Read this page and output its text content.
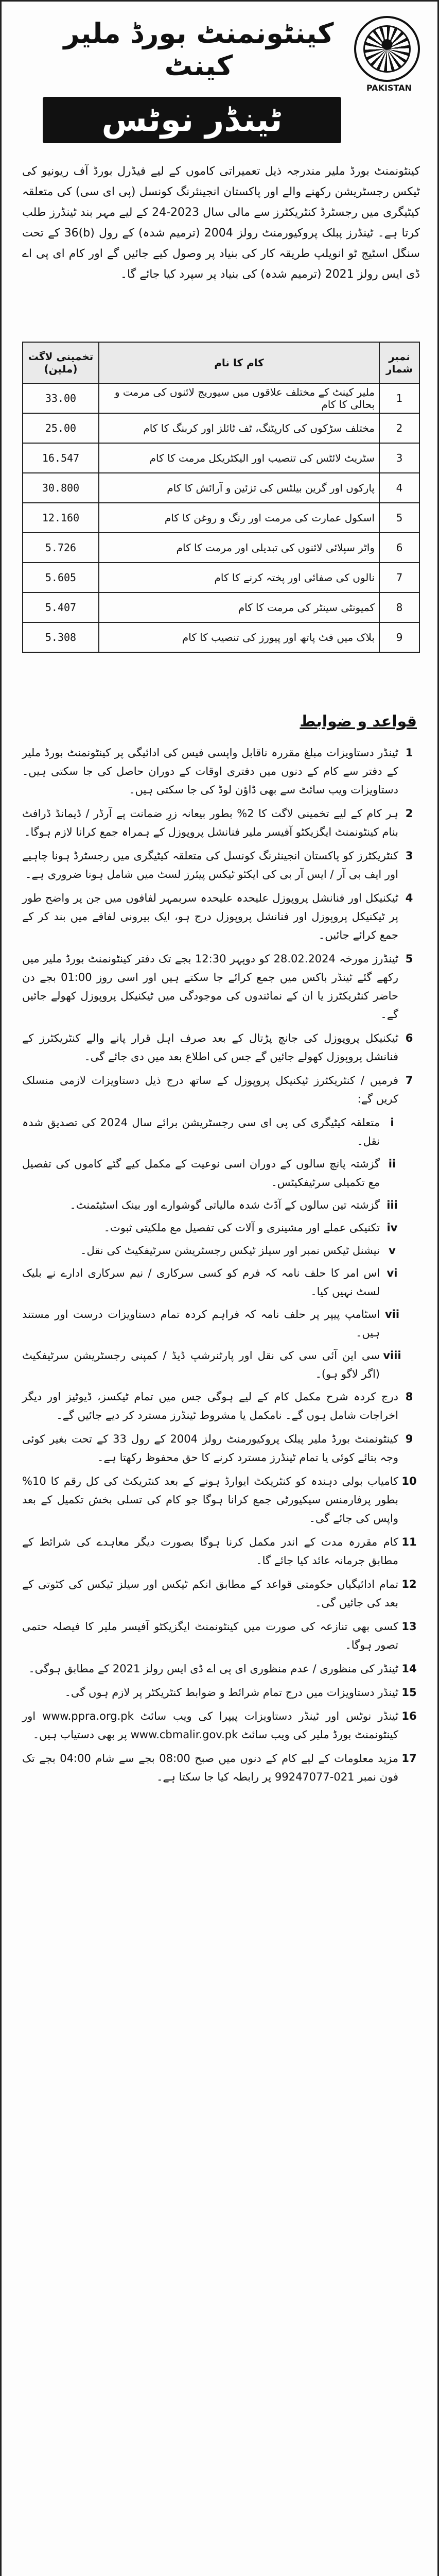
PAKISTAN
کینٹونمنٹ بورڈ ملیر کینٹ
ٹینڈر نوٹس
کینٹونمنٹ بورڈ ملیر مندرجہ ذیل تعمیراتی کاموں کے لیے فیڈرل بورڈ آف ریونیو کی ٹیکس رجسٹریشن رکھنے والے اور پاکستان انجینئرنگ کونسل (پی ای سی) کی متعلقہ کیٹیگری میں رجسٹرڈ کنٹریکٹرز سے مالی سال 2023-24 کے لیے مہر بند ٹینڈرز طلب کرتا ہے۔ ٹینڈرز پبلک پروکیورمنٹ رولز 2004 (ترمیم شدہ) کے رول (b)36 کے تحت سنگل اسٹیج ٹو انویلپ طریقہ کار کی بنیاد پر وصول کیے جائیں گے اور کام ای پی اے ڈی ایس رولز 2021 (ترمیم شدہ) کی بنیاد پر سپرد کیا جائے گا۔
نمبر شمار	کام کا نام	تخمینی لاگت (ملین)
1	ملیر کینٹ کے مختلف علاقوں میں سیوریج لائنوں کی مرمت و بحالی کا کام	33.00
2	مختلف سڑکوں کی کارپٹنگ، ٹف ٹائلز اور کربنگ کا کام	25.00
3	سٹریٹ لائٹس کی تنصیب اور الیکٹریکل مرمت کا کام	16.547
4	پارکوں اور گرین بیلٹس کی تزئین و آرائش کا کام	30.800
5	اسکول عمارت کی مرمت اور رنگ و روغن کا کام	12.160
6	واٹر سپلائی لائنوں کی تبدیلی اور مرمت کا کام	5.726
7	نالوں کی صفائی اور پختہ کرنے کا کام	5.605
8	کمیونٹی سینٹر کی مرمت کا کام	5.407
9	بلاک میں فٹ پاتھ اور پیورز کی تنصیب کا کام	5.308
قواعد و ضوابط
1
ٹینڈر دستاویزات مبلغ مقررہ ناقابل واپسی فیس کی ادائیگی پر کینٹونمنٹ بورڈ ملیر کے دفتر سے کام کے دنوں میں دفتری اوقات کے دوران حاصل کی جا سکتی ہیں۔ دستاویزات ویب سائٹ سے بھی ڈاؤن لوڈ کی جا سکتی ہیں۔
2
ہر کام کے لیے تخمینی لاگت کا 2% بطور بیعانہ زرِ ضمانت پے آرڈر / ڈیمانڈ ڈرافٹ بنام کینٹونمنٹ ایگزیکٹو آفیسر ملیر فنانشل پروپوزل کے ہمراہ جمع کرانا لازم ہوگا۔
3
کنٹریکٹرز کو پاکستان انجینئرنگ کونسل کی متعلقہ کیٹیگری میں رجسٹرڈ ہونا چاہیے اور ایف بی آر / ایس آر بی کی ایکٹو ٹیکس پیئرز لسٹ میں شامل ہونا ضروری ہے۔
4
ٹیکنیکل اور فنانشل پروپوزل علیحدہ علیحدہ سربمہر لفافوں میں جن پر واضح طور پر ٹیکنیکل پروپوزل اور فنانشل پروپوزل درج ہو، ایک بیرونی لفافے میں بند کر کے جمع کرائے جائیں۔
5
ٹینڈرز مورخہ 28.02.2024 کو دوپہر 12:30 بجے تک دفتر کینٹونمنٹ بورڈ ملیر میں رکھے گئے ٹینڈر باکس میں جمع کرائے جا سکتے ہیں اور اسی روز 01:00 بجے دن حاضر کنٹریکٹرز یا ان کے نمائندوں کی موجودگی میں ٹیکنیکل پروپوزل کھولے جائیں گے۔
6
ٹیکنیکل پروپوزل کی جانچ پڑتال کے بعد صرف اہل قرار پانے والے کنٹریکٹرز کے فنانشل پروپوزل کھولے جائیں گے جس کی اطلاع بعد میں دی جائے گی۔
7
فرمیں / کنٹریکٹرز ٹیکنیکل پروپوزل کے ساتھ درج ذیل دستاویزات لازمی منسلک کریں گے:
i
متعلقہ کیٹیگری کی پی ای سی رجسٹریشن برائے سال 2024 کی تصدیق شدہ نقل۔
ii
گزشتہ پانچ سالوں کے دوران اسی نوعیت کے مکمل کیے گئے کاموں کی تفصیل مع تکمیلی سرٹیفکیٹس۔
iii
گزشتہ تین سالوں کے آڈٹ شدہ مالیاتی گوشوارے اور بینک اسٹیٹمنٹ۔
iv
تکنیکی عملے اور مشینری و آلات کی تفصیل مع ملکیتی ثبوت۔
v
نیشنل ٹیکس نمبر اور سیلز ٹیکس رجسٹریشن سرٹیفکیٹ کی نقل۔
vi
اس امر کا حلف نامہ کہ فرم کو کسی سرکاری / نیم سرکاری ادارے نے بلیک لسٹ نہیں کیا۔
vii
اسٹامپ پیپر پر حلف نامہ کہ فراہم کردہ تمام دستاویزات درست اور مستند ہیں۔
viii
سی این آئی سی کی نقل اور پارٹنرشپ ڈیڈ / کمپنی رجسٹریشن سرٹیفکیٹ (اگر لاگو ہو)۔
8
درج کردہ شرح مکمل کام کے لیے ہوگی جس میں تمام ٹیکسز، ڈیوٹیز اور دیگر اخراجات شامل ہوں گے۔ نامکمل یا مشروط ٹینڈرز مسترد کر دیے جائیں گے۔
9
کینٹونمنٹ بورڈ ملیر پبلک پروکیورمنٹ رولز 2004 کے رول 33 کے تحت بغیر کوئی وجہ بتائے کوئی یا تمام ٹینڈرز مسترد کرنے کا حق محفوظ رکھتا ہے۔
10
کامیاب بولی دہندہ کو کنٹریکٹ ایوارڈ ہونے کے بعد کنٹریکٹ کی کل رقم کا 10% بطور پرفارمنس سیکیورٹی جمع کرانا ہوگا جو کام کی تسلی بخش تکمیل کے بعد واپس کی جائے گی۔
11
کام مقررہ مدت کے اندر مکمل کرنا ہوگا بصورت دیگر معاہدے کی شرائط کے مطابق جرمانہ عائد کیا جائے گا۔
12
تمام ادائیگیاں حکومتی قواعد کے مطابق انکم ٹیکس اور سیلز ٹیکس کی کٹوتی کے بعد کی جائیں گی۔
13
کسی بھی تنازعہ کی صورت میں کینٹونمنٹ ایگزیکٹو آفیسر ملیر کا فیصلہ حتمی تصور ہوگا۔
14
ٹینڈر کی منظوری / عدم منظوری ای پی اے ڈی ایس رولز 2021 کے مطابق ہوگی۔
15
ٹینڈر دستاویزات میں درج تمام شرائط و ضوابط کنٹریکٹر پر لازم ہوں گی۔
16
ٹینڈر نوٹس اور ٹینڈر دستاویزات پیپرا کی ویب سائٹ www.ppra.org.pk اور کینٹونمنٹ بورڈ ملیر کی ویب سائٹ www.cbmalir.gov.pk پر بھی دستیاب ہیں۔
17
مزید معلومات کے لیے کام کے دنوں میں صبح 08:00 بجے سے شام 04:00 بجے تک فون نمبر 021-99247077 پر رابطہ کیا جا سکتا ہے۔
